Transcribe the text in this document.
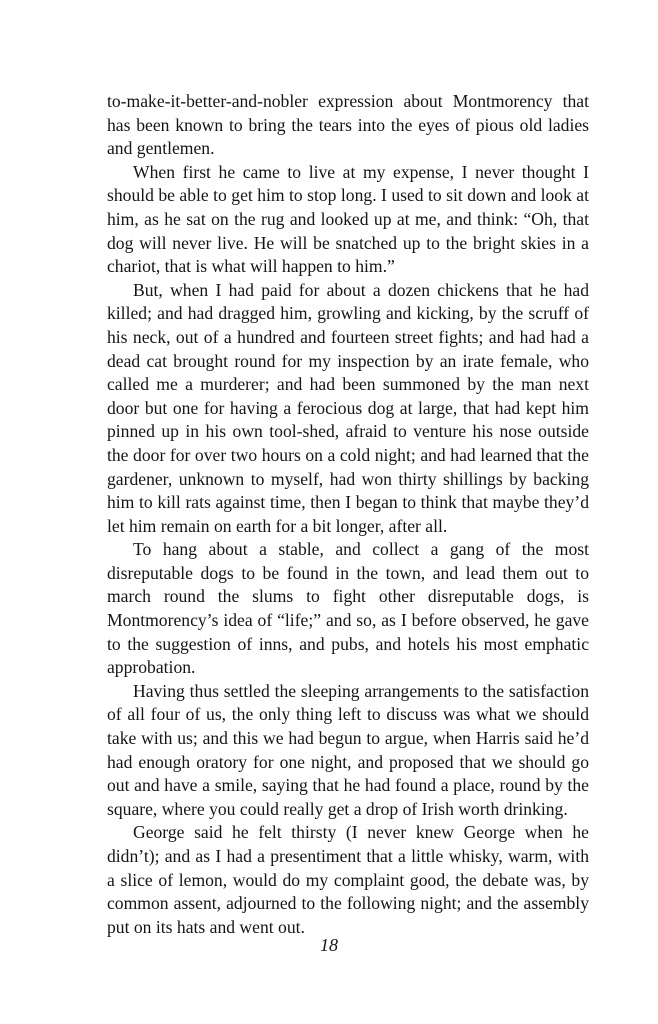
to-make-it-better-and-nobler expression about Montmorency that has been known to bring the tears into the eyes of pious old ladies and gentlemen.

When first he came to live at my expense, I never thought I should be able to get him to stop long. I used to sit down and look at him, as he sat on the rug and looked up at me, and think: “Oh, that dog will never live. He will be snatched up to the bright skies in a chariot, that is what will happen to him.”

But, when I had paid for about a dozen chickens that he had killed; and had dragged him, growling and kicking, by the scruff of his neck, out of a hundred and fourteen street fights; and had had a dead cat brought round for my inspection by an irate female, who called me a murderer; and had been summoned by the man next door but one for having a ferocious dog at large, that had kept him pinned up in his own tool-shed, afraid to venture his nose outside the door for over two hours on a cold night; and had learned that the gardener, unknown to myself, had won thirty shillings by backing him to kill rats against time, then I began to think that maybe they’d let him remain on earth for a bit longer, after all.

To hang about a stable, and collect a gang of the most disreputable dogs to be found in the town, and lead them out to march round the slums to fight other disreputable dogs, is Montmorency’s idea of “life;” and so, as I before observed, he gave to the suggestion of inns, and pubs, and hotels his most emphatic approbation.

Having thus settled the sleeping arrangements to the satisfaction of all four of us, the only thing left to discuss was what we should take with us; and this we had begun to argue, when Harris said he’d had enough oratory for one night, and proposed that we should go out and have a smile, saying that he had found a place, round by the square, where you could really get a drop of Irish worth drinking.

George said he felt thirsty (I never knew George when he didn’t); and as I had a presentiment that a little whisky, warm, with a slice of lemon, would do my complaint good, the debate was, by common assent, adjourned to the following night; and the assembly put on its hats and went out.

18
